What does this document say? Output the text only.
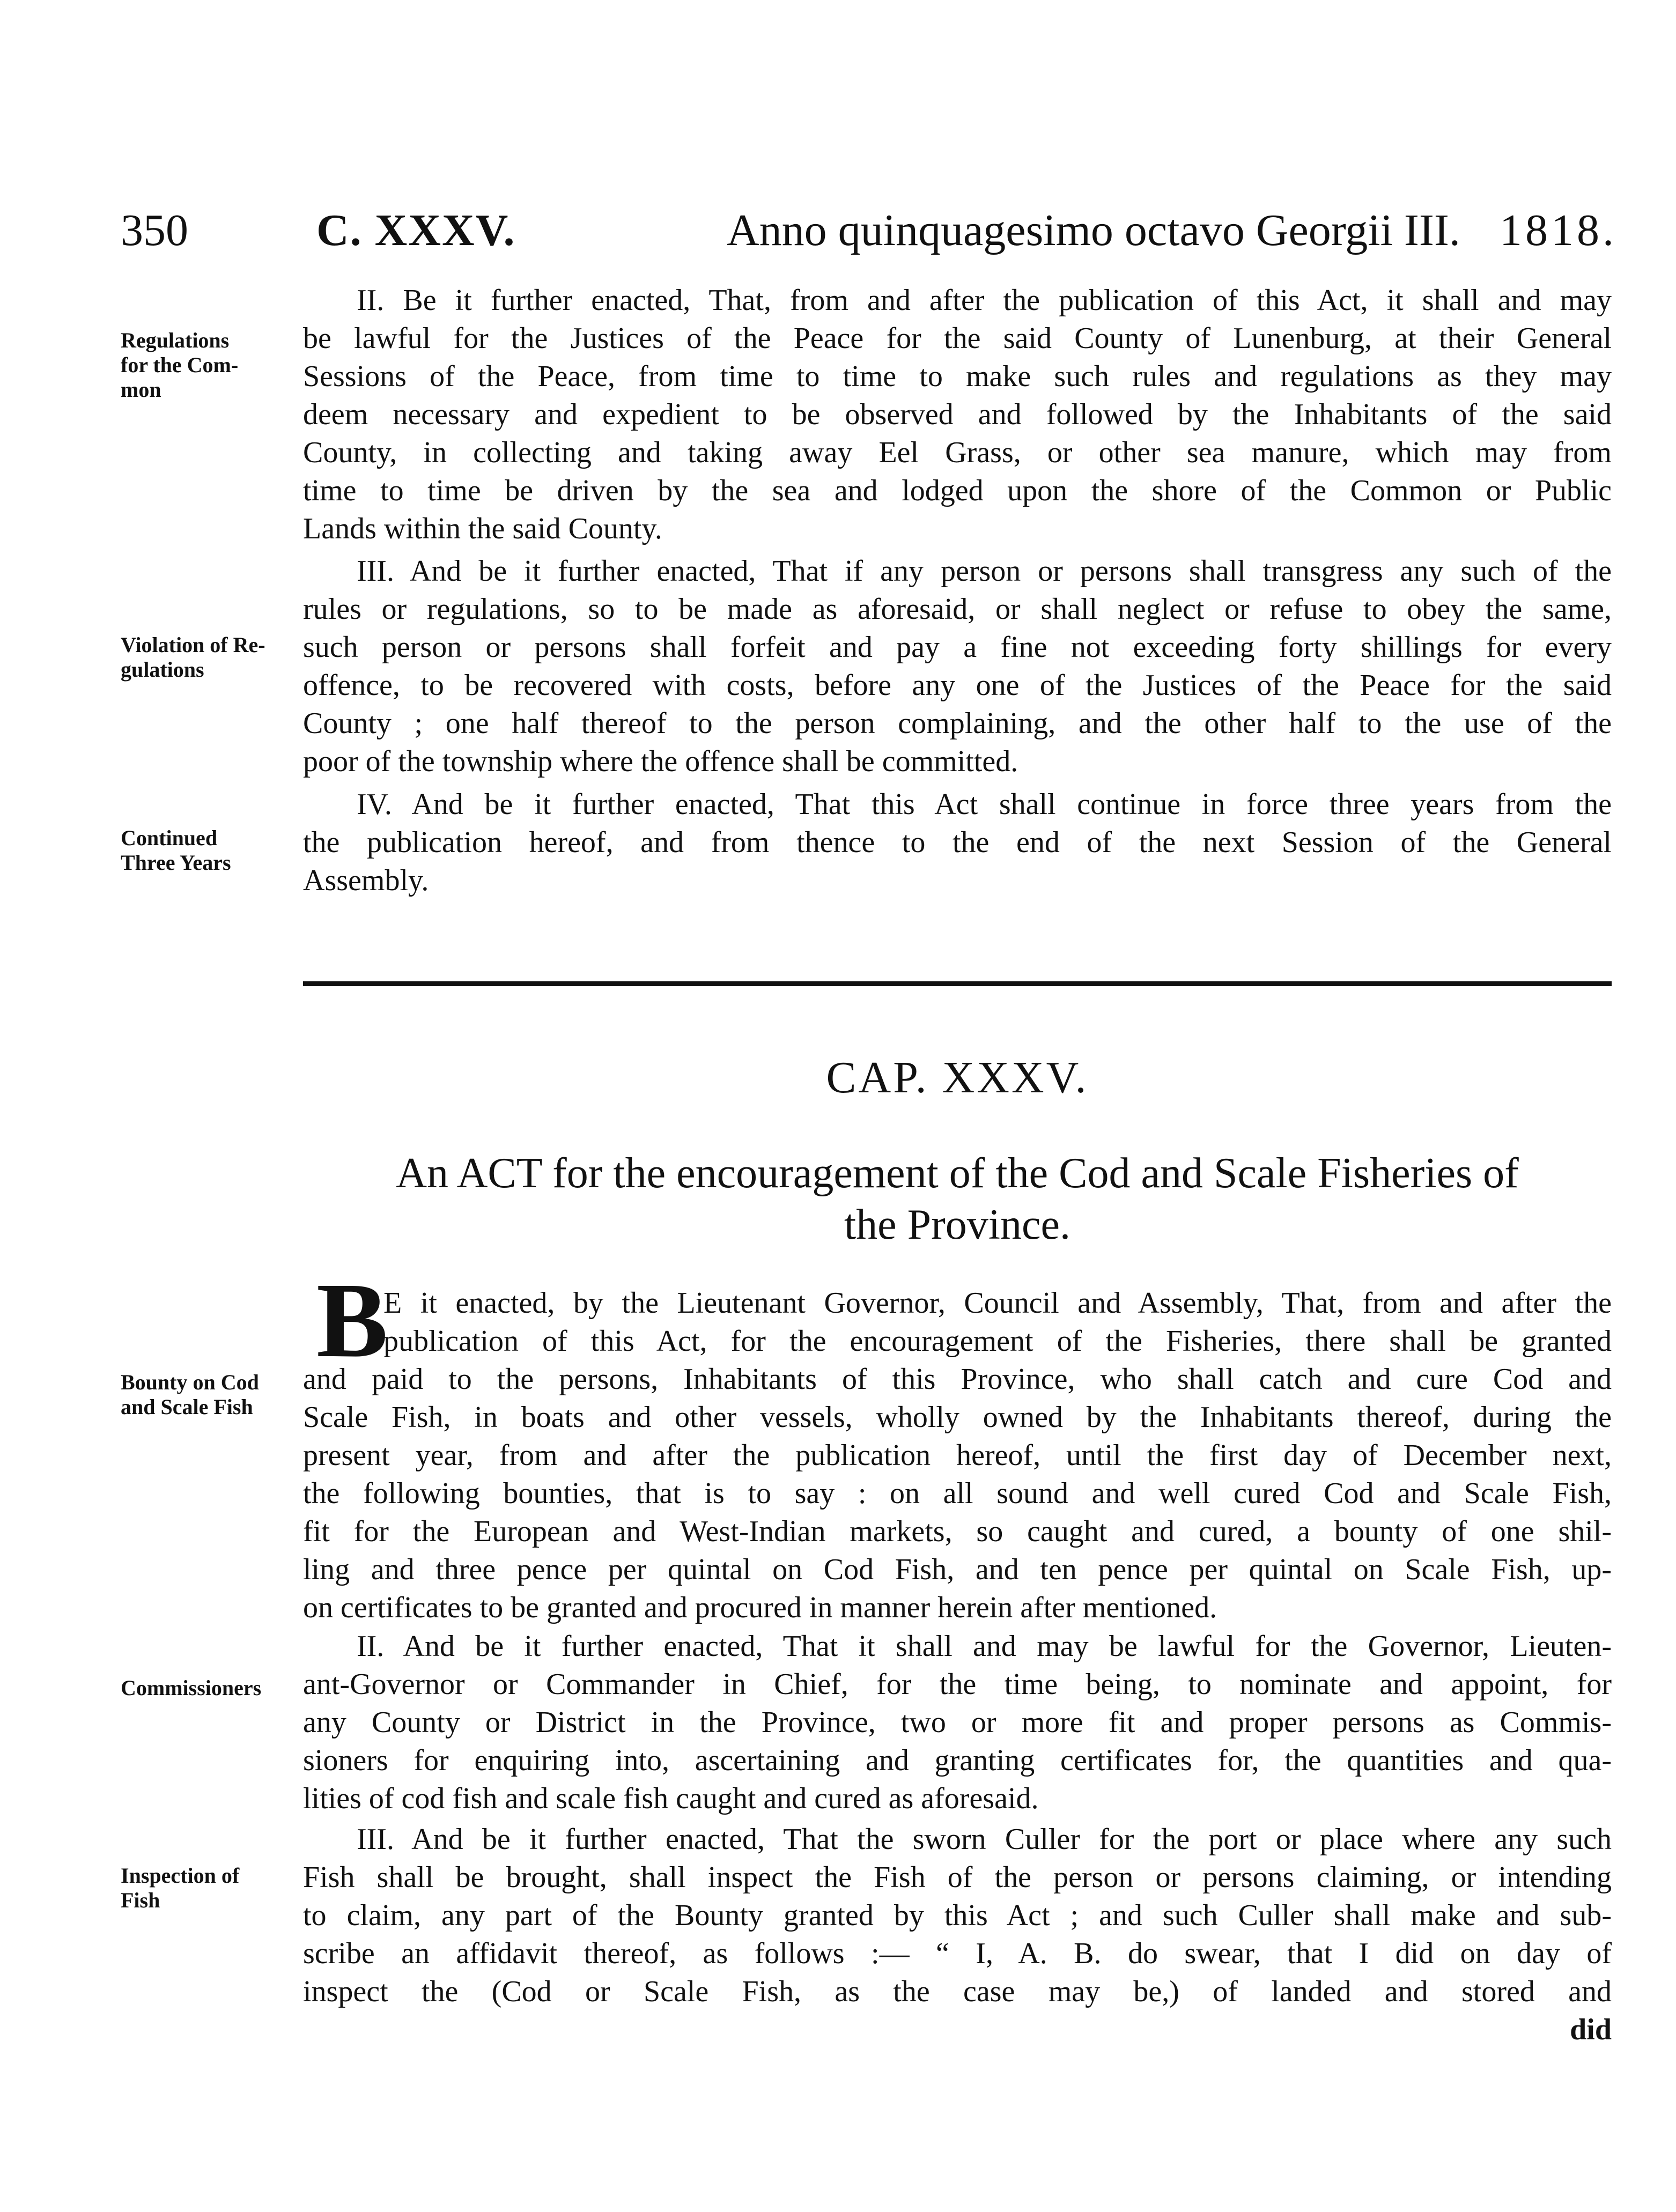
350	C. XXXV.	Anno quinquagesimo octavo Georgii III. 1818.
Regulations
for the Com-
mon
Violation of Re-
gulations
Continued
Three Years
Bounty on Cod
and Scale Fish
Commissioners
Inspection of
Fish
II. Be it further enacted, That, from and after the publication of this Act, it shall and may
be lawful for the Justices of the Peace for the said County of Lunenburg, at their General
Sessions of the Peace, from time to time to make such rules and regulations as they may
deem necessary and expedient to be observed and followed by the Inhabitants of the said
County, in collecting and taking away Eel Grass, or other sea manure, which may from
time to time be driven by the sea and lodged upon the shore of the Common or Public
Lands within the said County.
III. And be it further enacted, That if any person or persons shall transgress any such of the
rules or regulations, so to be made as aforesaid, or shall neglect or refuse to obey the same,
such person or persons shall forfeit and pay a fine not exceeding forty shillings for every
offence, to be recovered with costs, before any one of the Justices of the Peace for the said
County ; one half thereof to the person complaining, and the other half to the use of the
poor of the township where the offence shall be committed.
IV. And be it further enacted, That this Act shall continue in force three years from the
the publication hereof, and from thence to the end of the next Session of the General
Assembly.
CAP. XXXV.
An ACT for the encouragement of the Cod and Scale Fisheries of
the Province.
B
E it enacted, by the Lieutenant Governor, Council and Assembly, That, from and after the
publication of this Act, for the encouragement of the Fisheries, there shall be granted
and paid to the persons, Inhabitants of this Province, who shall catch and cure Cod and
Scale Fish, in boats and other vessels, wholly owned by the Inhabitants thereof, during the
present year, from and after the publication hereof, until the first day of December next,
the following bounties, that is to say : on all sound and well cured Cod and Scale Fish,
fit for the European and West-Indian markets, so caught and cured, a bounty of one shil-
ling and three pence per quintal on Cod Fish, and ten pence per quintal on Scale Fish, up-
on certificates to be granted and procured in manner herein after mentioned.
II. And be it further enacted, That it shall and may be lawful for the Governor, Lieuten-
ant-Governor or Commander in Chief, for the time being, to nominate and appoint, for
any County or District in the Province, two or more fit and proper persons as Commis-
sioners for enquiring into, ascertaining and granting certificates for, the quantities and qua-
lities of cod fish and scale fish caught and cured as aforesaid.
III. And be it further enacted, That the sworn Culler for the port or place where any such
Fish shall be brought, shall inspect the Fish of the person or persons claiming, or intending
to claim, any part of the Bounty granted by this Act ; and such Culler shall make and sub-
scribe an affidavit thereof, as follows :— “ I, A. B. do swear, that I did on day of
inspect the (Cod or Scale Fish, as the case may be,) of landed and stored and
did
